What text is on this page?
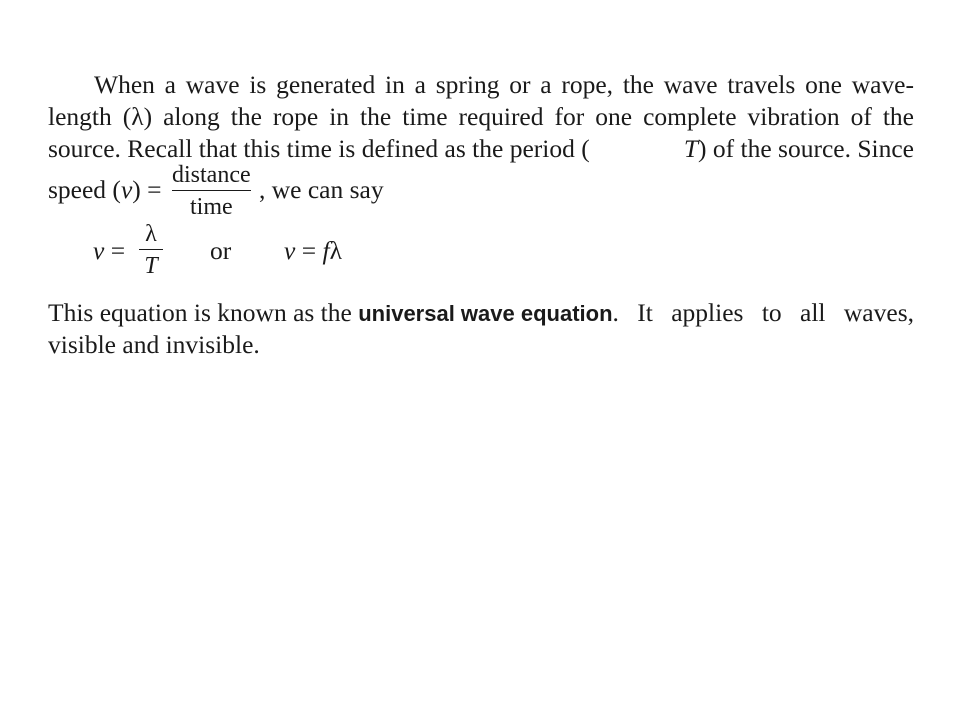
When a wave is generated in a spring or a rope, the wave travels one wave-
length (λ) along the rope in the time required for one complete vibration of the
source. Recall that this time is defined as the period (	T ) of the source. Since
speed (v) = distance
time
, we can say
v =
λ
T
or v = fλ
This equation is known as the universal wave equation . It applies to all waves,
visible and invisible.
